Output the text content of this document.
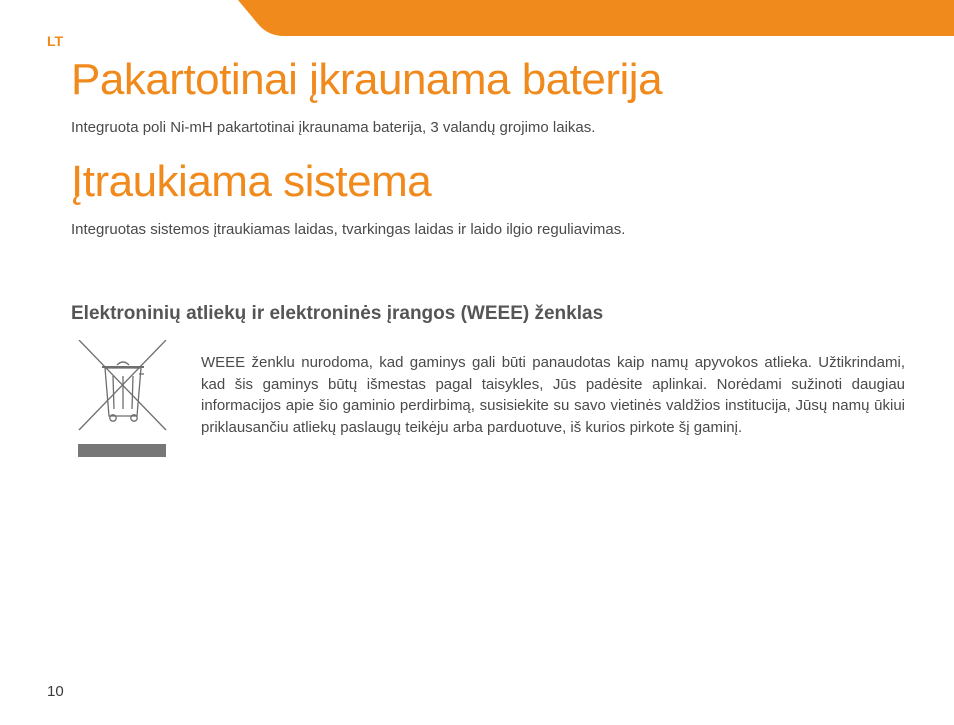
LT
Pakartotinai įkraunama baterija
Integruota poli Ni-mH pakartotinai įkraunama baterija, 3 valandų grojimo laikas.
Įtraukiama sistema
Integruotas sistemos įtraukiamas laidas, tvarkingas laidas ir laido ilgio reguliavimas.
Elektroninių atliekų ir elektroninės įrangos (WEEE) ženklas
WEEE ženklu nurodoma, kad gaminys gali būti panaudotas kaip namų apyvokos atlieka. Užtikrindami, kad šis gaminys būtų išmestas pagal taisykles, Jūs padėsite aplinkai. Norėdami sužinoti daugiau informacijos apie šio gaminio perdirbimą, susisiekite su savo vietinės valdžios institucija, Jūsų namų ūkiui priklausančiu atliekų paslaugų teikėju arba parduotuve, iš kurios pirkote šį gaminį.
10
